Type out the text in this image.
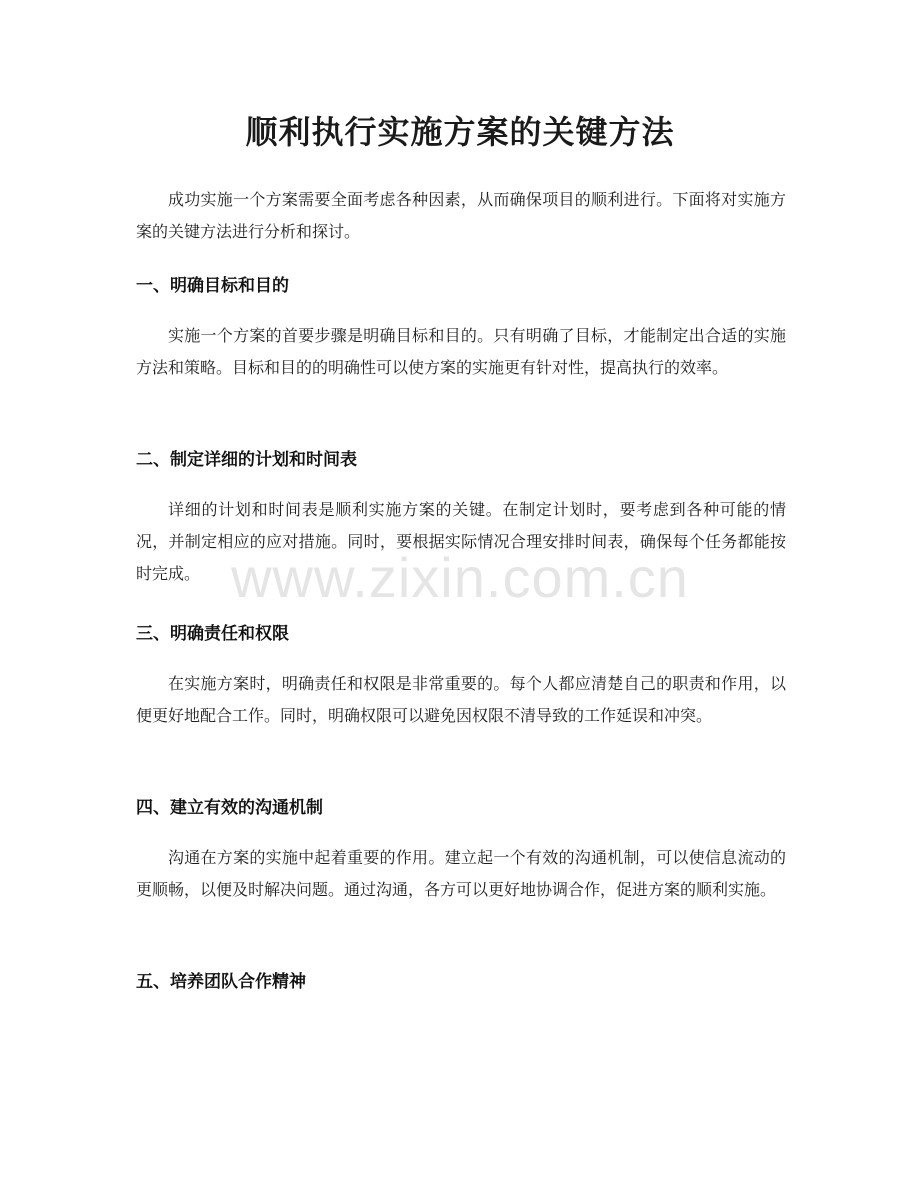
顺利执行实施方案的关键方法

成功实施一个方案需要全面考虑各种因素，从而确保项目的顺利进行。下面将对实施方案的关键方法进行分析和探讨。

一、明确目标和目的

实施一个方案的首要步骤是明确目标和目的。只有明确了目标，才能制定出合适的实施方法和策略。目标和目的的明确性可以使方案的实施更有针对性，提高执行的效率。

二、制定详细的计划和时间表

详细的计划和时间表是顺利实施方案的关键。在制定计划时，要考虑到各种可能的情况，并制定相应的应对措施。同时，要根据实际情况合理安排时间表，确保每个任务都能按时完成。

三、明确责任和权限

在实施方案时，明确责任和权限是非常重要的。每个人都应清楚自己的职责和作用，以便更好地配合工作。同时，明确权限可以避免因权限不清导致的工作延误和冲突。

四、建立有效的沟通机制

沟通在方案的实施中起着重要的作用。建立起一个有效的沟通机制，可以使信息流动的更顺畅，以便及时解决问题。通过沟通，各方可以更好地协调合作，促进方案的顺利实施。

五、培养团队合作精神
www.zixin.com.cn
